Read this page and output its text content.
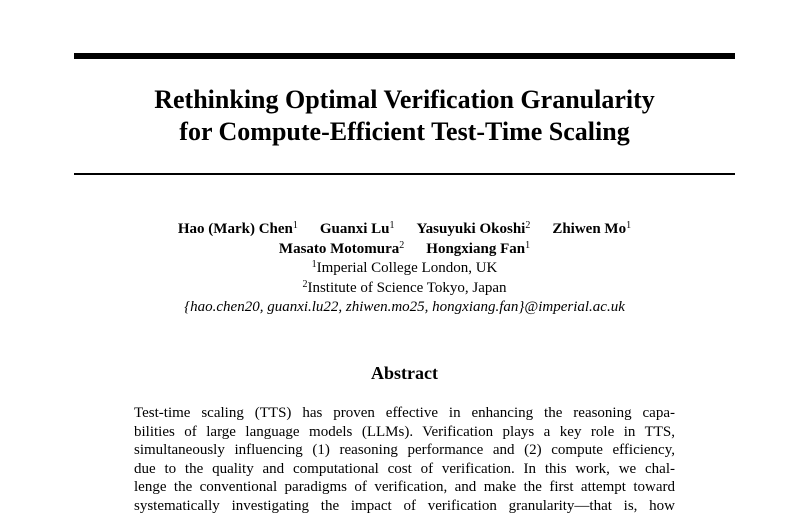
Rethinking Optimal Verification Granularity
for Compute-Efficient Test-Time Scaling
Hao (Mark) Chen$^1$ Guanxi Lu$^1$ Yasuyuki Okoshi$^2$ Zhiwen Mo$^1$
Masato Motomura$^2$ Hongxiang Fan$^1$
$^1$Imperial College London, UK
$^2$Institute of Science Tokyo, Japan
{hao.chen20, guanxi.lu22, zhiwen.mo25, hongxiang.fan}@imperial.ac.uk
Abstract
Test-time scaling (TTS) has proven effective in enhancing the reasoning capa-
bilities of large language models (LLMs). Verification plays a key role in TTS,
simultaneously influencing (1) reasoning performance and (2) compute efficiency,
due to the quality and computational cost of verification. In this work, we chal-
lenge the conventional paradigms of verification, and make the first attempt toward
systematically investigating the impact of verification granularity—that is, how
